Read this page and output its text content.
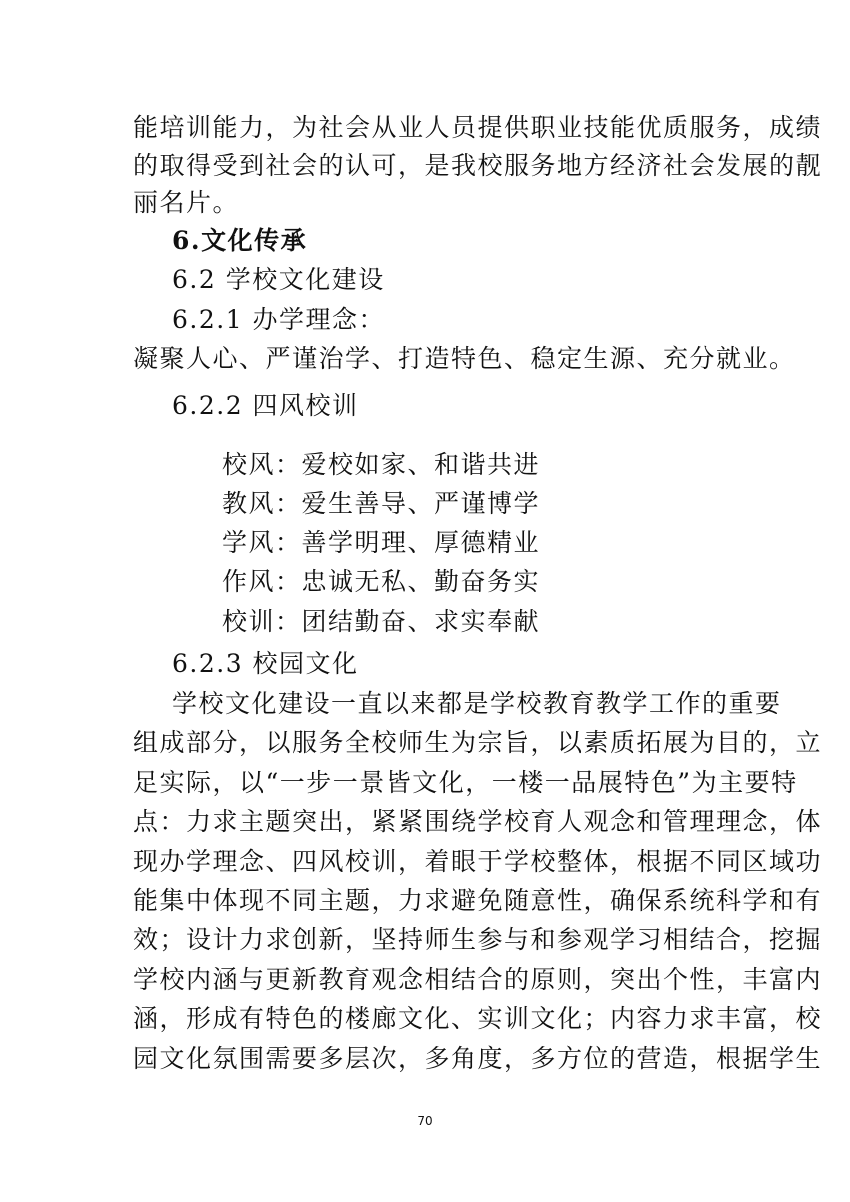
能培训能力，为社会从业人员提供职业技能优质服务，成绩
的取得受到社会的认可，是我校服务地方经济社会发展的靓
丽名片。
6.文化传承
6.2 学校文化建设
6.2.1 办学理念：
凝聚人心、严谨治学、打造特色、稳定生源、充分就业。
6.2.2 四风校训
校风：爱校如家、和谐共进
教风：爱生善导、严谨博学
学风：善学明理、厚德精业
作风：忠诚无私、勤奋务实
校训：团结勤奋、求实奉献
6.2.3 校园文化
学校文化建设一直以来都是学校教育教学工作的重要
组成部分，以服务全校师生为宗旨，以素质拓展为目的，立
足实际，以“一步一景皆文化，一楼一品展特色”为主要特
点：力求主题突出，紧紧围绕学校育人观念和管理理念，体
现办学理念、四风校训，着眼于学校整体，根据不同区域功
能集中体现不同主题，力求避免随意性，确保系统科学和有
效；设计力求创新，坚持师生参与和参观学习相结合，挖掘
学校内涵与更新教育观念相结合的原则，突出个性，丰富内
涵，形成有特色的楼廊文化、实训文化；内容力求丰富，校
园文化氛围需要多层次，多角度，多方位的营造，根据学生
70
